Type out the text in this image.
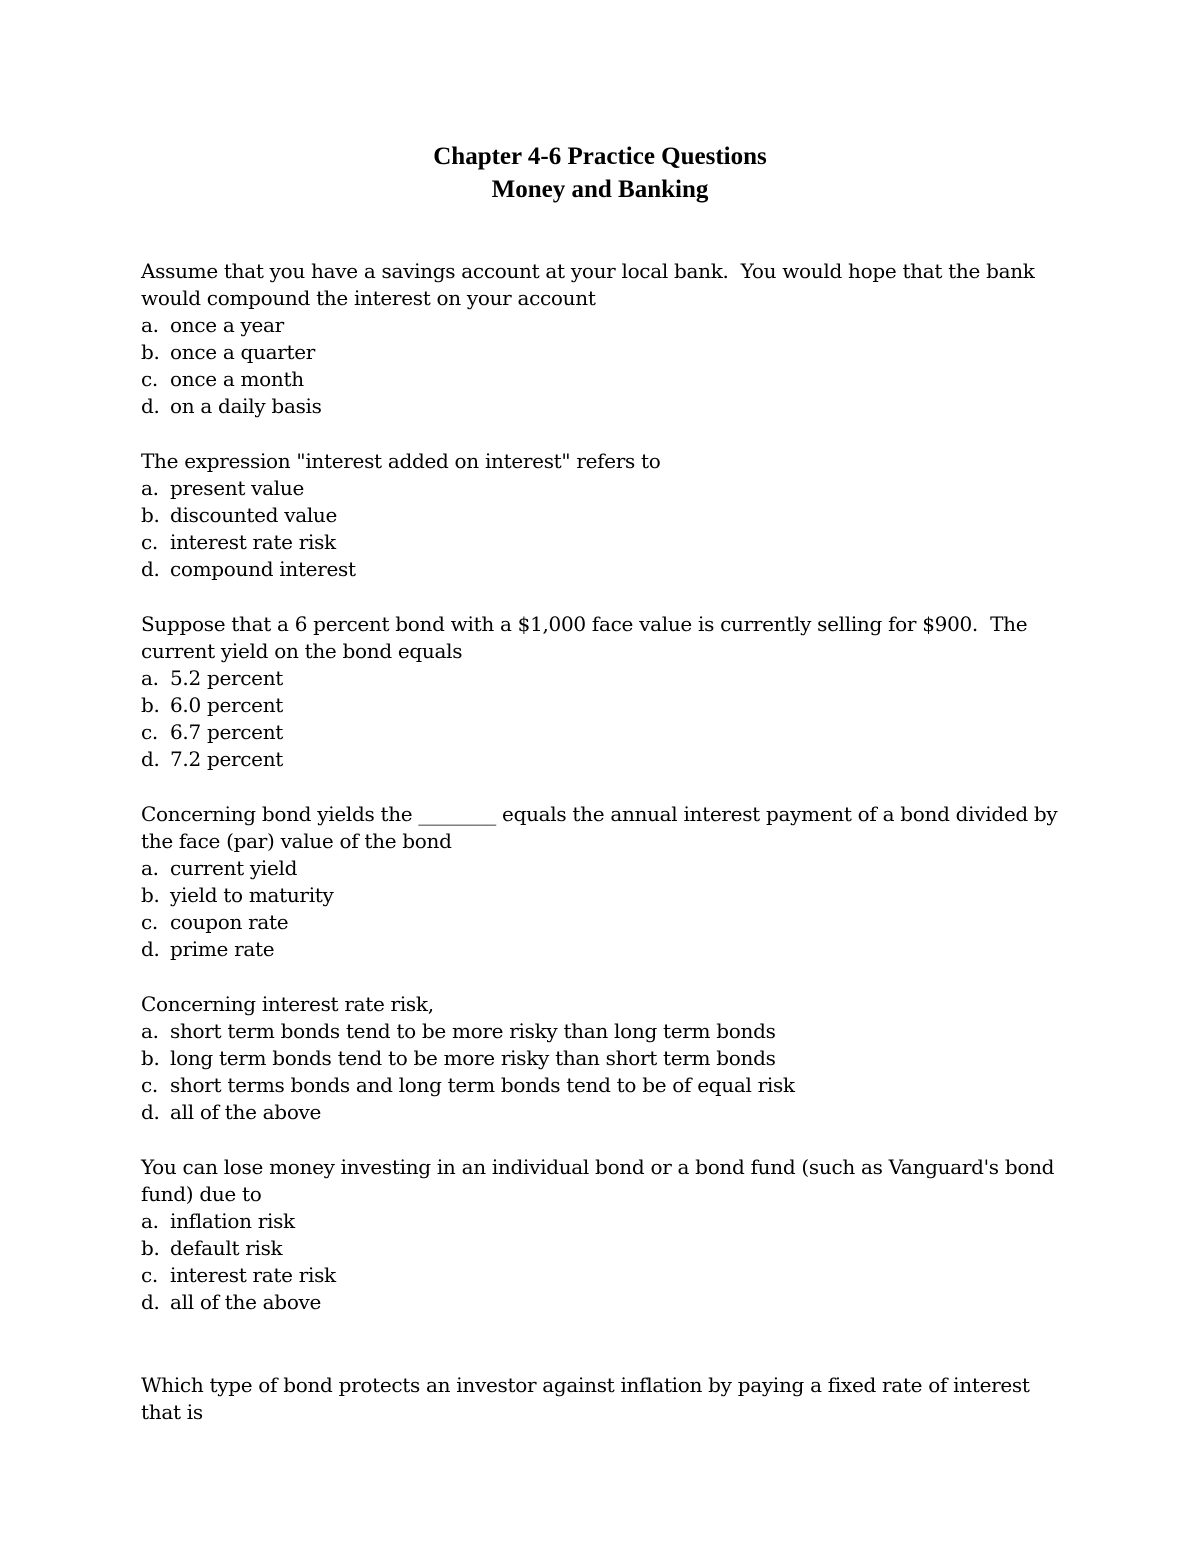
Chapter 4-6 Practice Questions
Money and Banking

Assume that you have a savings account at your local bank.  You would hope that the bank would compound the interest on your account

a. once a year
b. once a quarter
c. once a month
d. on a daily basis

The expression "interest added on interest" refers to

a. present value
b. discounted value
c. interest rate risk
d. compound interest

Suppose that a 6 percent bond with a $1,000 face value is currently selling for $900.  The current yield on the bond equals

a. 5.2 percent
b. 6.0 percent
c. 6.7 percent
d. 7.2 percent

Concerning bond yields the ________ equals the annual interest payment of a bond divided by the face (par) value of the bond

a. current yield
b. yield to maturity
c. coupon rate
d. prime rate

Concerning interest rate risk,

a. short term bonds tend to be more risky than long term bonds
b. long term bonds tend to be more risky than short term bonds
c. short terms bonds and long term bonds tend to be of equal risk
d. all of the above

You can lose money investing in an individual bond or a bond fund (such as Vanguard's bond fund) due to

a. inflation risk
b. default risk
c. interest rate risk
d. all of the above

Which type of bond protects an investor against inflation by paying a fixed rate of interest that is
